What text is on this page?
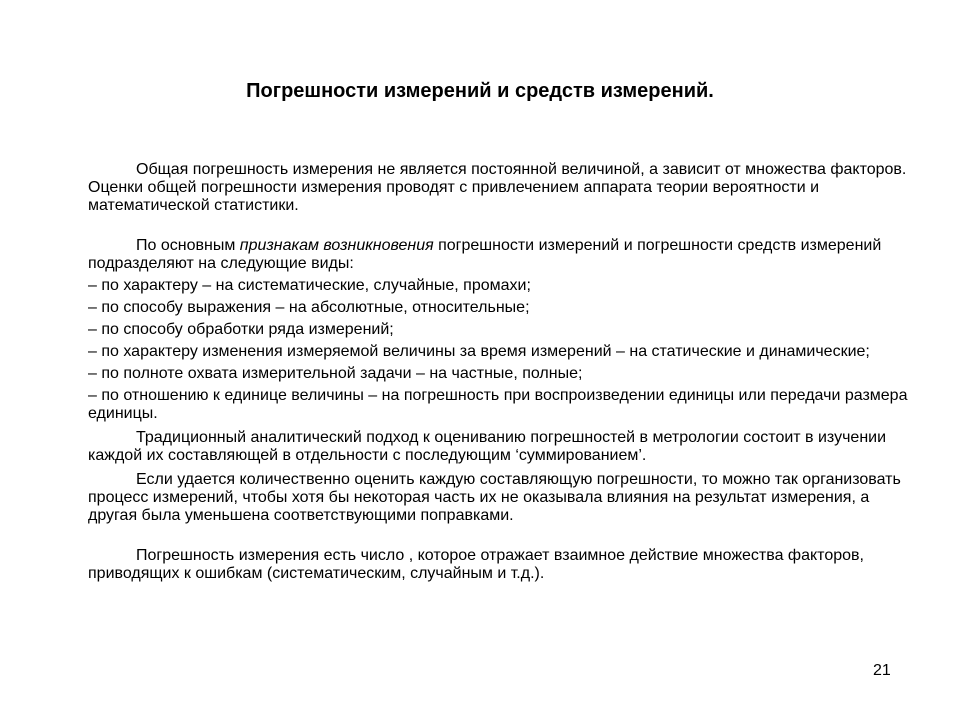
Погрешности измерений и средств измерений.

Общая погрешность измерения не является постоянной величиной, а зависит от множества факторов. Оценки общей погрешности измерения проводят с привлечением аппарата теории вероятности и математической статистики.

По основным признакам возникновения погрешности измерений и погрешности средств измерений подразделяют на следующие виды:

– по характеру – на систематические, случайные, промахи;

– по способу выражения – на абсолютные, относительные;

– по способу обработки ряда измерений;

– по характеру изменения измеряемой величины за время измерений – на статические и динамические;

– по полноте охвата измерительной задачи – на частные, полные;

– по отношению к единице величины – на погрешность при воспроизведении единицы или передачи размера единицы.

Традиционный аналитический подход к оцениванию погрешностей в метрологии состоит в изучении каждой их составляющей в отдельности с последующим ‘суммированием’.

Если удается количественно оценить каждую составляющую погрешности, то можно так организовать процесс измерений, чтобы хотя бы некоторая часть их не оказывала влияния на результат измерения, а другая была уменьшена соответствующими поправками.

Погрешность измерения есть число , которое отражает взаимное действие множества факторов, приводящих к ошибкам (систематическим, случайным и т.д.).

21
